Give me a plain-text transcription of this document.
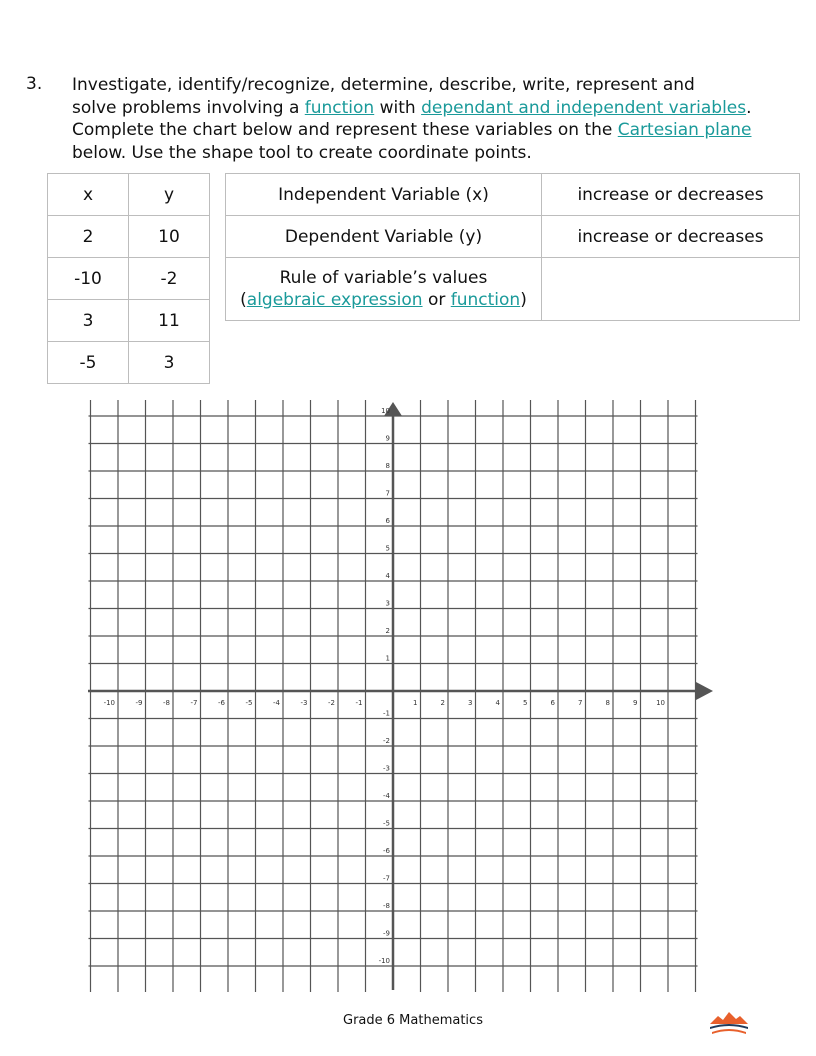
3. Investigate, identify/recognize, determine, describe, write, represent and
solve problems involving a function with dependant and independent variables.
Complete the chart below and represent these variables on the Cartesian plane
below. Use the shape tool to create coordinate points.
x	y
2	10
-10	-2
3	11
-5	3
Independent Variable (x)	increase or decreases
Dependent Variable (y)	increase or decreases
Rule of variable’s values
(algebraic expression or function)	
-10	-9	-8	-7	-6	-5	-4	-3	-2	-1	1	2	3	4	5	6	7	8	9	10
10
9
8
7
6
5
4
3
2
1
-1
-2
-3
-4
-5
-6
-7
-8
-9
-10
Grade 6 Mathematics
